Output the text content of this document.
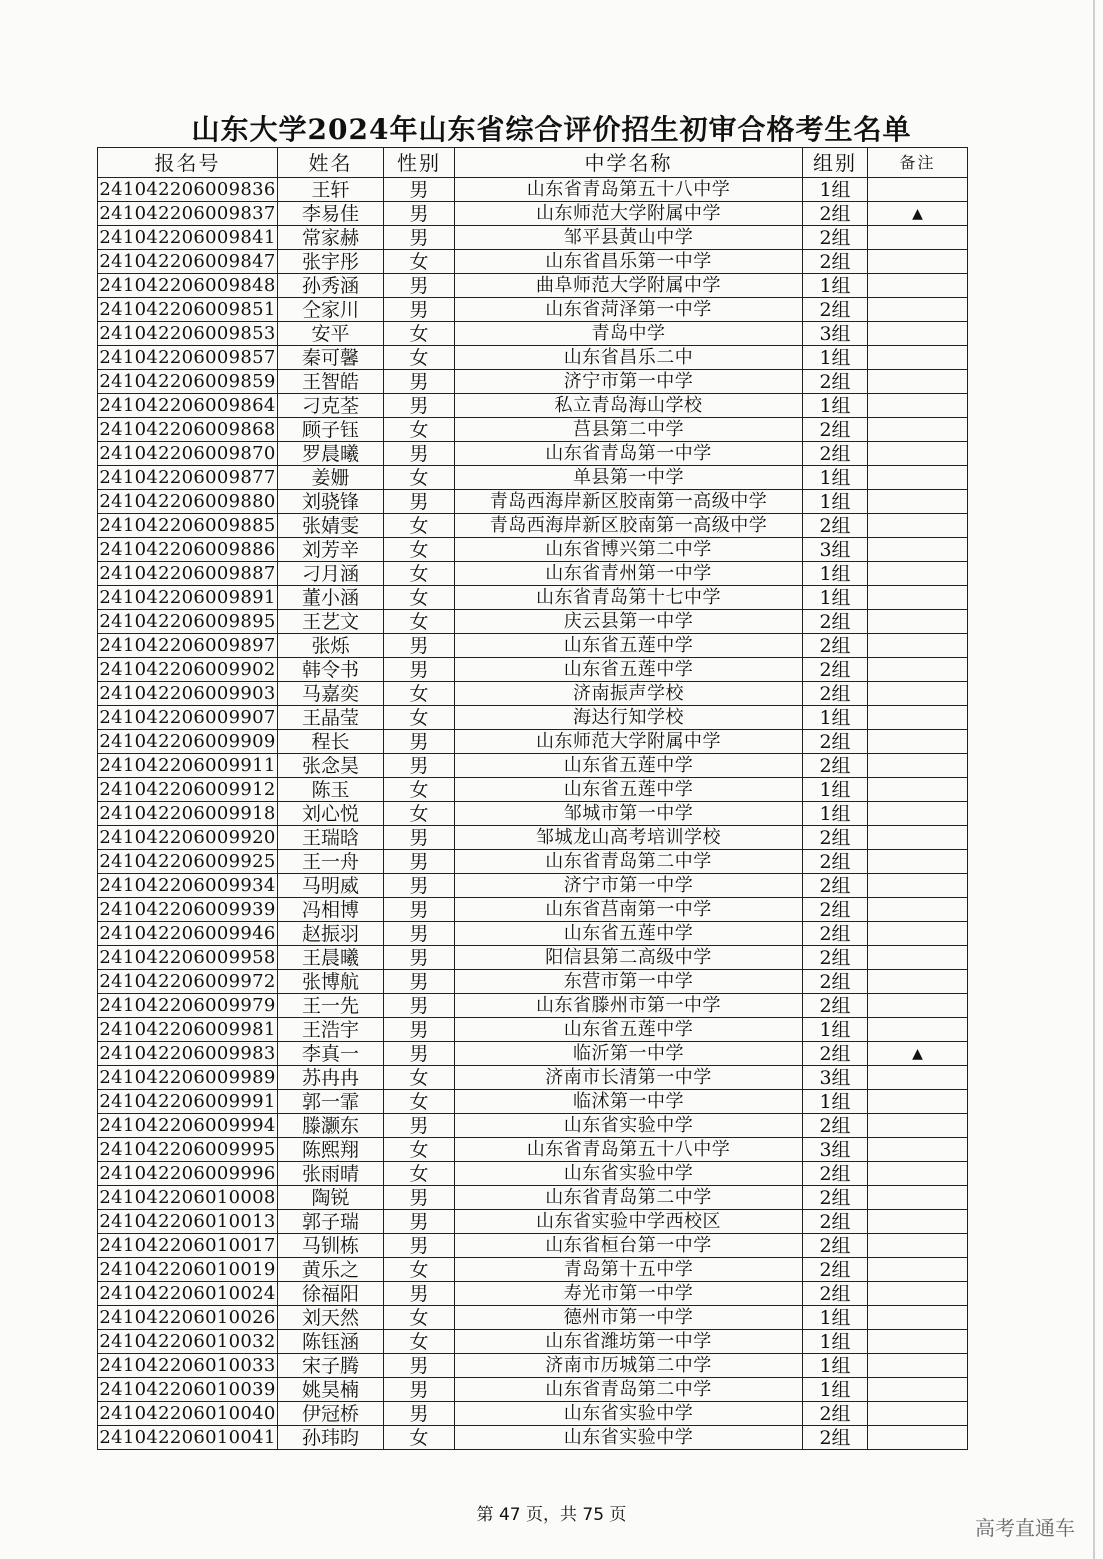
山东大学2024年山东省综合评价招生初审合格考生名单
报名号	姓名	性别	中学名称	组别	备注
241042206009836	王轩	男	山东省青岛第五十八中学	1组	
241042206009837	李易佳	男	山东师范大学附属中学	2组	▲
241042206009841	常家赫	男	邹平县黄山中学	2组	
241042206009847	张宇彤	女	山东省昌乐第一中学	2组	
241042206009848	孙秀涵	男	曲阜师范大学附属中学	1组	
241042206009851	仝家川	男	山东省菏泽第一中学	2组	
241042206009853	安平	女	青岛中学	3组	
241042206009857	秦可馨	女	山东省昌乐二中	1组	
241042206009859	王智皓	男	济宁市第一中学	2组	
241042206009864	刁克荃	男	私立青岛海山学校	1组	
241042206009868	顾子钰	女	莒县第二中学	2组	
241042206009870	罗晨曦	男	山东省青岛第一中学	2组	
241042206009877	姜姗	女	单县第一中学	1组	
241042206009880	刘骁锋	男	青岛西海岸新区胶南第一高级中学	1组	
241042206009885	张婧雯	女	青岛西海岸新区胶南第一高级中学	2组	
241042206009886	刘芳辛	女	山东省博兴第二中学	3组	
241042206009887	刁月涵	女	山东省青州第一中学	1组	
241042206009891	董小涵	女	山东省青岛第十七中学	1组	
241042206009895	王艺文	女	庆云县第一中学	2组	
241042206009897	张烁	男	山东省五莲中学	2组	
241042206009902	韩令书	男	山东省五莲中学	2组	
241042206009903	马嘉奕	女	济南振声学校	2组	
241042206009907	王晶莹	女	海达行知学校	1组	
241042206009909	程长	男	山东师范大学附属中学	2组	
241042206009911	张念昊	男	山东省五莲中学	2组	
241042206009912	陈玉	女	山东省五莲中学	1组	
241042206009918	刘心悦	女	邹城市第一中学	1组	
241042206009920	王瑞晗	男	邹城龙山高考培训学校	2组	
241042206009925	王一舟	男	山东省青岛第二中学	2组	
241042206009934	马明威	男	济宁市第一中学	2组	
241042206009939	冯相博	男	山东省莒南第一中学	2组	
241042206009946	赵振羽	男	山东省五莲中学	2组	
241042206009958	王晨曦	男	阳信县第二高级中学	2组	
241042206009972	张博航	男	东营市第一中学	2组	
241042206009979	王一先	男	山东省滕州市第一中学	2组	
241042206009981	王浩宇	男	山东省五莲中学	1组	
241042206009983	李真一	男	临沂第一中学	2组	▲
241042206009989	苏冉冉	女	济南市长清第一中学	3组	
241042206009991	郭一霏	女	临沭第一中学	1组	
241042206009994	滕灏东	男	山东省实验中学	2组	
241042206009995	陈熙翔	女	山东省青岛第五十八中学	3组	
241042206009996	张雨晴	女	山东省实验中学	2组	
241042206010008	陶锐	男	山东省青岛第二中学	2组	
241042206010013	郭子瑞	男	山东省实验中学西校区	2组	
241042206010017	马钏栋	男	山东省桓台第一中学	2组	
241042206010019	黄乐之	女	青岛第十五中学	2组	
241042206010024	徐福阳	男	寿光市第一中学	2组	
241042206010026	刘天然	女	德州市第一中学	1组	
241042206010032	陈钰涵	女	山东省潍坊第一中学	1组	
241042206010033	宋子腾	男	济南市历城第二中学	1组	
241042206010039	姚昊楠	男	山东省青岛第二中学	1组	
241042206010040	伊冠桥	男	山东省实验中学	2组	
241042206010041	孙玮昀	女	山东省实验中学	2组	
第 47 页，共 75 页
高考直通车
